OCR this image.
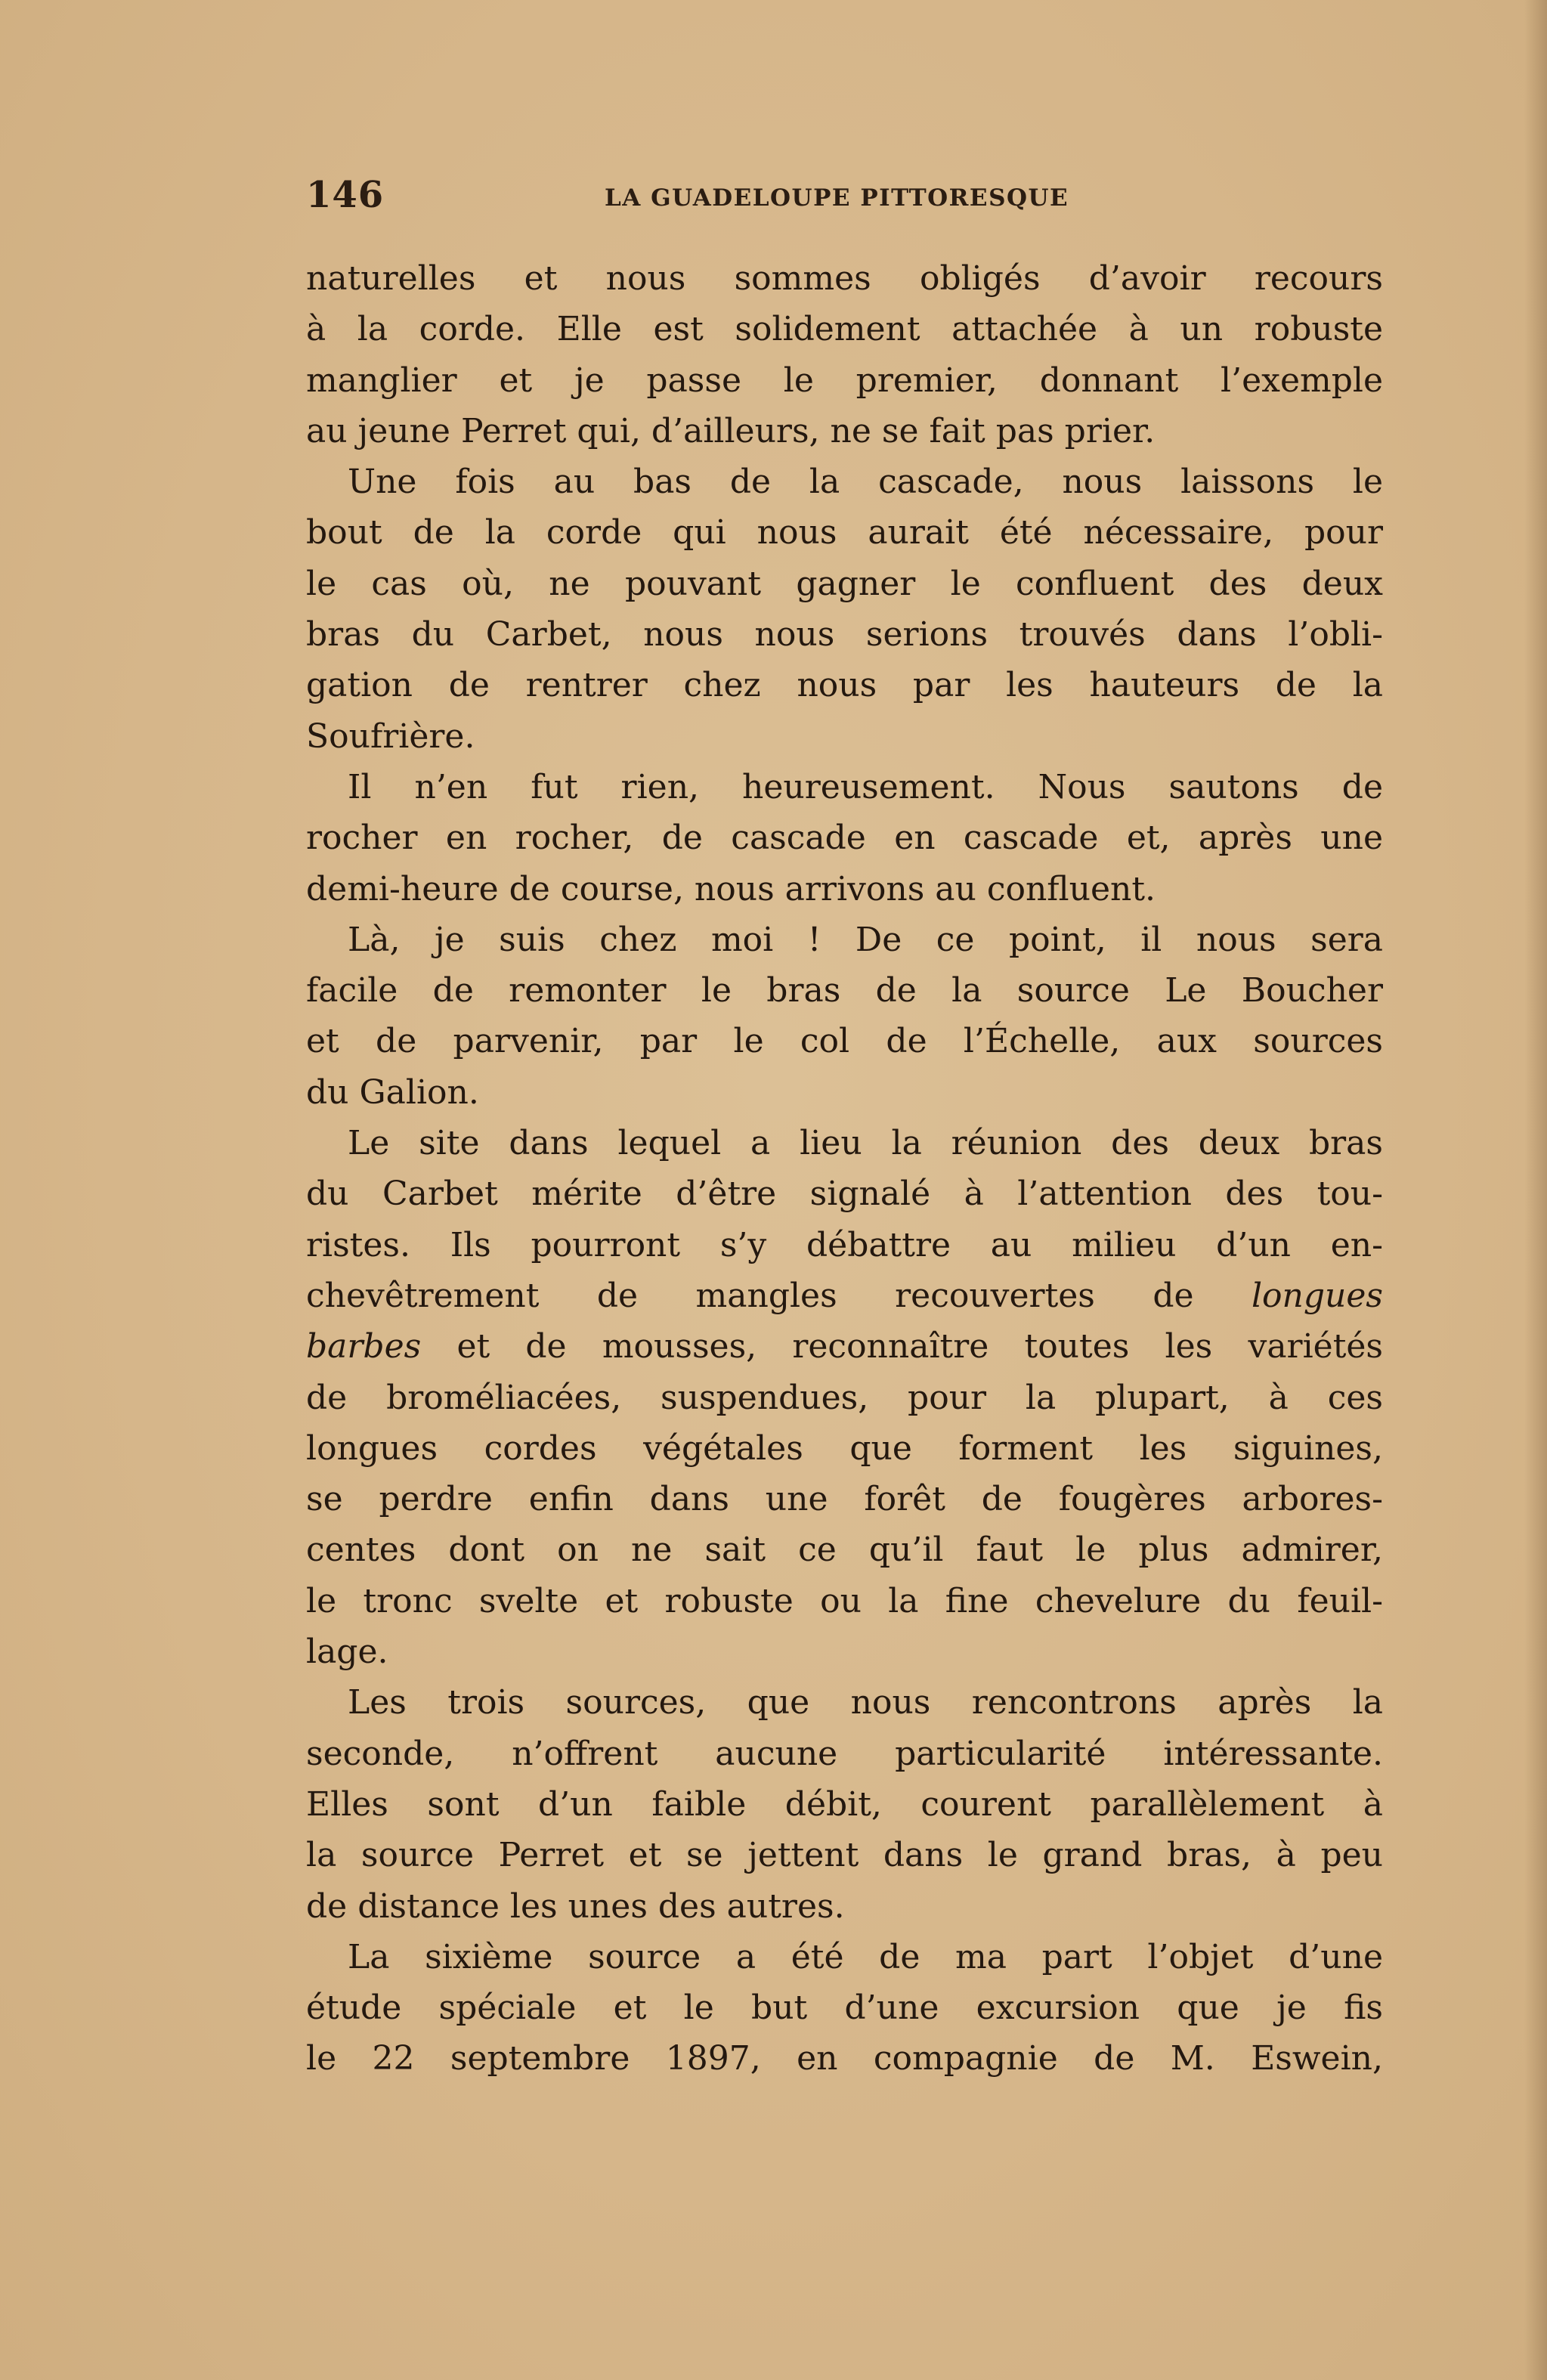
146	LA GUADELOUPE PITTORESQUE
naturelles et nous sommes obligés d’avoir recours
à la corde. Elle est solidement attachée à un robuste
manglier et je passe le premier, donnant l’exemple
au jeune Perret qui, d’ailleurs, ne se fait pas prier.
Une fois au bas de la cascade, nous laissons le
bout de la corde qui nous aurait été nécessaire, pour
le cas où, ne pouvant gagner le confluent des deux
bras du Carbet, nous nous serions trouvés dans l’obli-
gation de rentrer chez nous par les hauteurs de la
Soufrière.
Il n’en fut rien, heureusement. Nous sautons de
rocher en rocher, de cascade en cascade et, après une
demi-heure de course, nous arrivons au confluent.
Là, je suis chez moi ! De ce point, il nous sera
facile de remonter le bras de la source Le Boucher
et de parvenir, par le col de l’Échelle, aux sources
du Galion.
Le site dans lequel a lieu la réunion des deux bras
du Carbet mérite d’être signalé à l’attention des tou-
ristes. Ils pourront s’y débattre au milieu d’un en-
chevêtrement de mangles recouvertes de longues
barbes et de mousses, reconnaître toutes les variétés
de broméliacées, suspendues, pour la plupart, à ces
longues cordes végétales que forment les siguines,
se perdre enfin dans une forêt de fougères arbores-
centes dont on ne sait ce qu’il faut le plus admirer,
le tronc svelte et robuste ou la fine chevelure du feuil-
lage.
Les trois sources, que nous rencontrons après la
seconde, n’offrent aucune particularité intéressante.
Elles sont d’un faible débit, courent parallèlement à
la source Perret et se jettent dans le grand bras, à peu
de distance les unes des autres.
La sixième source a été de ma part l’objet d’une
étude spéciale et le but d’une excursion que je fis
le 22 septembre 1897, en compagnie de M. Eswein,
